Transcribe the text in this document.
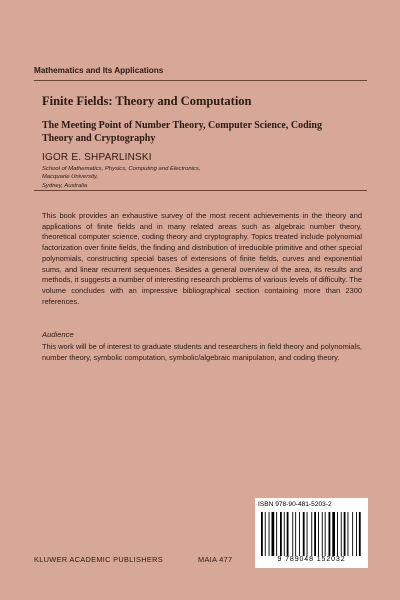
Mathematics and Its Applications
Finite Fields: Theory and Computation
The Meeting Point of Number Theory, Computer Science, Coding Theory and Cryptography
IGOR E. SHPARLINSKI
School of Mathematics, Physics, Computing and Electronics,
Macquarie University,
Sydney, Australia
This book provides an exhaustive survey of the most recent achievements in the theory and applications of finite fields and in many related areas such as algebraic number theory, theoretical computer science, coding theory and cryptography. Topics treated include polynomial factorization over finite fields, the finding and distribution of irreducible primitive and other special polynomials, constructing special bases of extensions of finite fields, curves and exponential sums, and linear recurrent sequences. Besides a general overview of the area, its results and methods, it suggests a number of interesting research problems of various levels of difficulty. The volume concludes with an impressive bibliographical section containing more than 2300 references.
Audience
This work will be of interest to graduate students and researchers in field theory and polynomials, number theory, symbolic computation, symbolic/algebraic manipulation, and coding theory.
ISBN 978-90-481-5203-2
9 789048 152032
KLUWER ACADEMIC PUBLISHERS	MAIA 477
